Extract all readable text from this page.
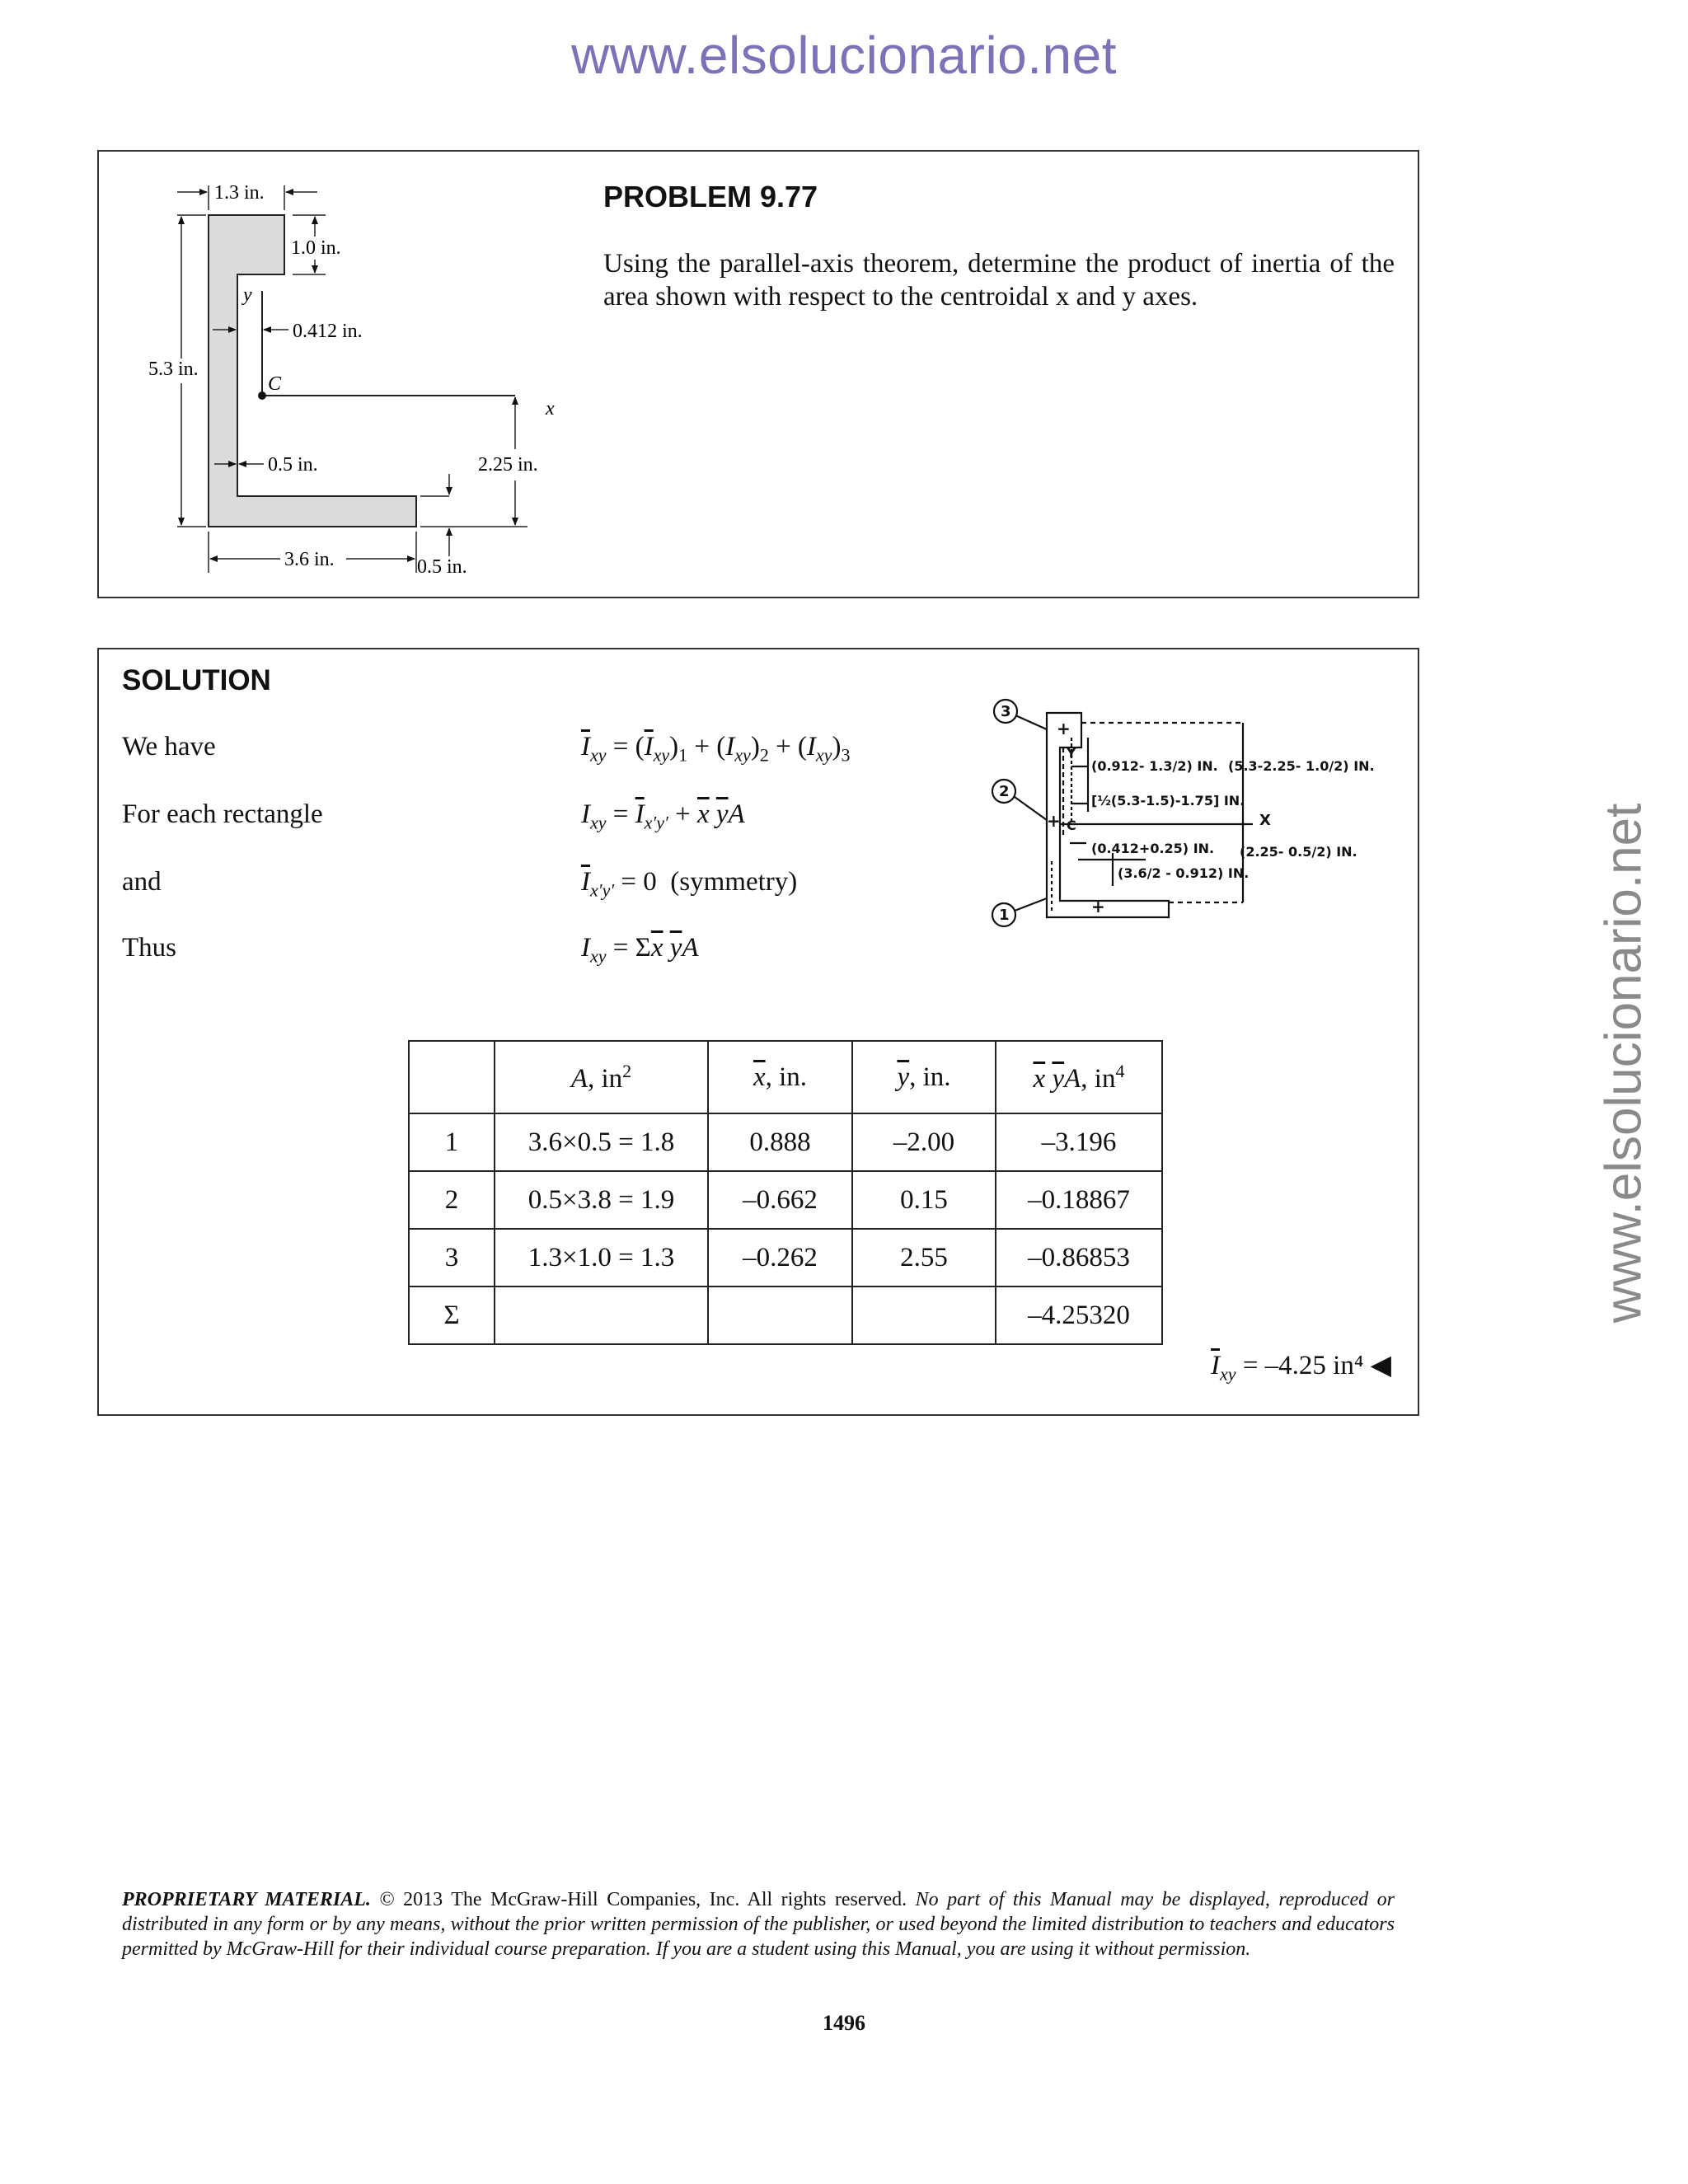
www.elsolucionario.net
www.elsolucionario.net
y
x
C
1.3 in.
1.0 in.
0.412 in.
5.3 in.
0.5 in.	2.25 in.
3.6 in.	0.5 in.
PROBLEM 9.77
Using the parallel-axis theorem, determine the product of inertia of the area shown with respect to the centroidal x and y axes.
SOLUTION
We have	$\overline{I}_{xy} = (\overline{I}_{xy})_1 + (I_{xy})_2 + (I_{xy})_3$
For each rectangle	$I_{xy} = \overline{I}_{x'y'} + \overline{x}$ $\overline{y}A$
and	$\overline{I}_{x'y'} = 0$  (symmetry)
Thus	$I_{xy} = \Sigma\overline{x}$ $\overline{y}A$
3
2
1
+
+
+
C
Y
X
(0.912- 1.3/2) IN. (5.3-2.25- 1.0/2) IN.
[½(5.3-1.5)-1.75] IN.
(0.412+0.25) IN. (2.25- 0.5/2) IN.
(3.6/2 - 0.912) IN.
	A, $in^2$	$\overline{x}$, in.	$\overline{y}$, in.	$\overline{x}$ $\overline{y}A$, $in^4$
1	3.6×0.5 = 1.8	0.888	–2.00	–3.196
2	0.5×3.8 = 1.9	–0.662	0.15	–0.18867
3	1.3×1.0 = 1.3	–0.262	2.55	–0.86853
Σ				–4.25320
$\overline{I}_{xy} = -4.25$ in⁴ ◀
PROPRIETARY MATERIAL. © 2013 The McGraw-Hill Companies, Inc. All rights reserved. No part of this Manual may be displayed, reproduced or distributed in any form or by any means, without the prior written permission of the publisher, or used beyond the limited distribution to teachers and educators permitted by McGraw-Hill for their individual course preparation. If you are a student using this Manual, you are using it without permission.
1496
